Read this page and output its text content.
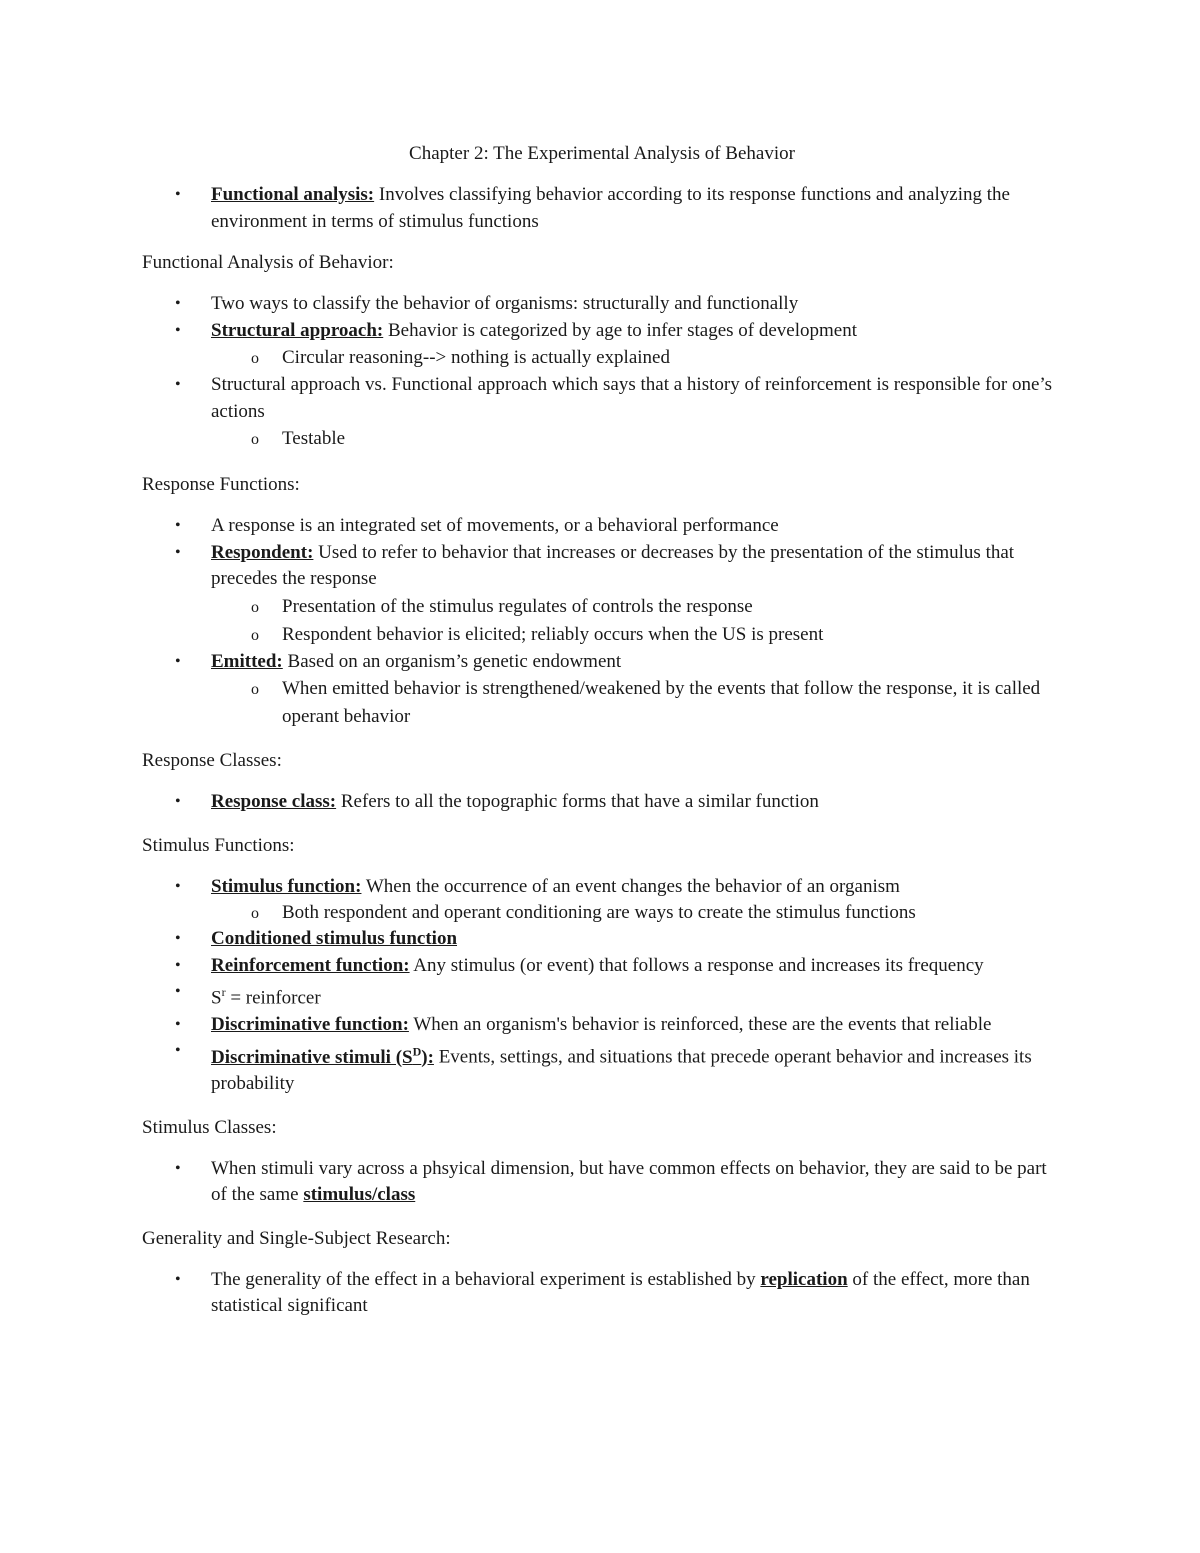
Chapter 2: The Experimental Analysis of Behavior
• Functional analysis: Involves classifying behavior according to its response functions and analyzing the environment in terms of stimulus functions
Functional Analysis of Behavior:
• Two ways to classify the behavior of organisms: structurally and functionally
• Structural approach: Behavior is categorized by age to infer stages of development
o Circular reasoning--> nothing is actually explained
• Structural approach vs. Functional approach which says that a history of reinforcement is responsible for one’s actions
o Testable
Response Functions:
• A response is an integrated set of movements, or a behavioral performance
• Respondent: Used to refer to behavior that increases or decreases by the presentation of the stimulus that precedes the response
o Presentation of the stimulus regulates of controls the response
o Respondent behavior is elicited; reliably occurs when the US is present
• Emitted: Based on an organism’s genetic endowment
o When emitted behavior is strengthened/weakened by the events that follow the response, it is called operant behavior
Response Classes:
• Response class: Refers to all the topographic forms that have a similar function
Stimulus Functions:
• Stimulus function: When the occurrence of an event changes the behavior of an organism
o Both respondent and operant conditioning are ways to create the stimulus functions
• Conditioned stimulus function
• Reinforcement function: Any stimulus (or event) that follows a response and increases its frequency
• $S^r$ = reinforcer
• Discriminative function: When an organism's behavior is reinforced, these are the events that reliable
• Discriminative stimuli $(S^D)$: Events, settings, and situations that precede operant behavior and increases its probability
Stimulus Classes:
• When stimuli vary across a phsyical dimension, but have common effects on behavior, they are said to be part of the same stimulus/class
Generality and Single-Subject Research:
• The generality of the effect in a behavioral experiment is established by replication of the effect, more than statistical significant
